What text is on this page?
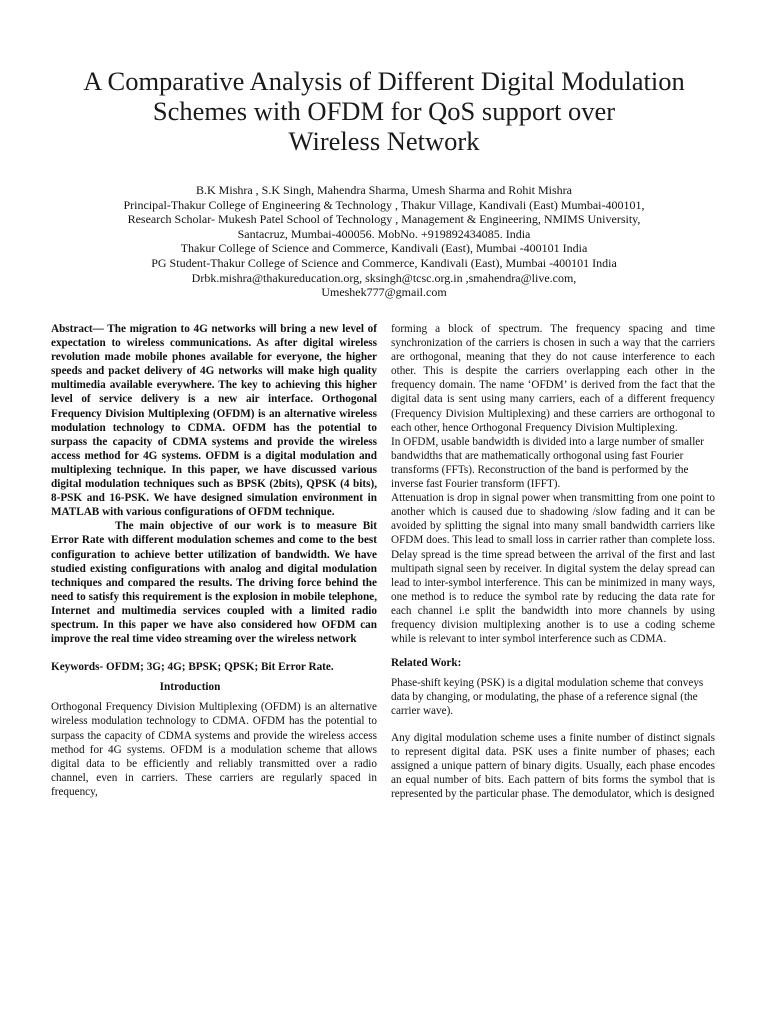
A Comparative Analysis of Different Digital Modulation
Schemes with OFDM for QoS support over
Wireless Network
B.K Mishra , S.K Singh, Mahendra Sharma, Umesh Sharma and Rohit Mishra
Principal-Thakur College of Engineering & Technology , Thakur Village, Kandivali (East) Mumbai-400101,
Research Scholar- Mukesh Patel School of Technology , Management & Engineering, NMIMS University,
Santacruz, Mumbai-400056. MobNo. +919892434085. India
Thakur College of Science and Commerce, Kandivali (East), Mumbai -400101 India
PG Student-Thakur College of Science and Commerce, Kandivali (East), Mumbai -400101 India
Drbk.mishra@thakureducation.org, sksingh@tcsc.org.in ,smahendra@live.com,
Umeshek777@gmail.com

Abstract— The migration to 4G networks will bring a new level of expectation to wireless communications. As after digital wireless revolution made mobile phones available for everyone, the higher speeds and packet delivery of 4G networks will make high quality multimedia available everywhere. The key to achieving this higher level of service delivery is a new air interface. Orthogonal Frequency Division Multiplexing (OFDM) is an alternative wireless modulation technology to CDMA. OFDM has the potential to surpass the capacity of CDMA systems and provide the wireless access method for 4G systems. OFDM is a digital modulation and multiplexing technique. In this paper, we have discussed various digital modulation techniques such as BPSK (2bits), QPSK (4 bits), 8-PSK and 16-PSK. We have designed simulation environment in MATLAB with various configurations of OFDM technique.

The main objective of our work is to measure Bit Error Rate with different modulation schemes and come to the best configuration to achieve better utilization of bandwidth. We have studied existing configurations with analog and digital modulation techniques and compared the results. The driving force behind the need to satisfy this requirement is the explosion in mobile telephone, Internet and multimedia services coupled with a limited radio spectrum. In this paper we have also considered how OFDM can improve the real time video streaming over the wireless network

Keywords- OFDM; 3G; 4G; BPSK; QPSK; Bit Error Rate.

Introduction

Orthogonal Frequency Division Multiplexing (OFDM) is an alternative wireless modulation technology to CDMA. OFDM has the potential to surpass the capacity of CDMA systems and provide the wireless access method for 4G systems. OFDM is a modulation scheme that allows digital data to be efficiently and reliably transmitted over a radio channel, even in carriers. These carriers are regularly spaced in frequency,

forming a block of spectrum. The frequency spacing and time synchronization of the carriers is chosen in such a way that the carriers are orthogonal, meaning that they do not cause interference to each other. This is despite the carriers overlapping each other in the frequency domain. The name ‘OFDM’ is derived from the fact that the digital data is sent using many carriers, each of a different frequency (Frequency Division Multiplexing) and these carriers are orthogonal to each other, hence Orthogonal Frequency Division Multiplexing.

In OFDM, usable bandwidth is divided into a large number of smaller bandwidths that are mathematically orthogonal using fast Fourier transforms (FFTs). Reconstruction of the band is performed by the inverse fast Fourier transform (IFFT).

Attenuation is drop in signal power when transmitting from one point to another which is caused due to shadowing /slow fading and it can be avoided by splitting the signal into many small bandwidth carriers like OFDM does. This lead to small loss in carrier rather than complete loss. Delay spread is the time spread between the arrival of the first and last multipath signal seen by receiver. In digital system the delay spread can lead to inter-symbol interference. This can be minimized in many ways, one method is to reduce the symbol rate by reducing the data rate for each channel i.e split the bandwidth into more channels by using frequency division multiplexing another is to use a coding scheme while is relevant to inter symbol interference such as CDMA.

Related Work:

Phase-shift keying (PSK) is a digital modulation scheme that conveys data by changing, or modulating, the phase of a reference signal (the carrier wave).

Any digital modulation scheme uses a finite number of distinct signals to represent digital data. PSK uses a finite number of phases; each assigned a unique pattern of binary digits. Usually, each phase encodes an equal number of bits. Each pattern of bits forms the symbol that is represented by the particular phase. The demodulator, which is designed
